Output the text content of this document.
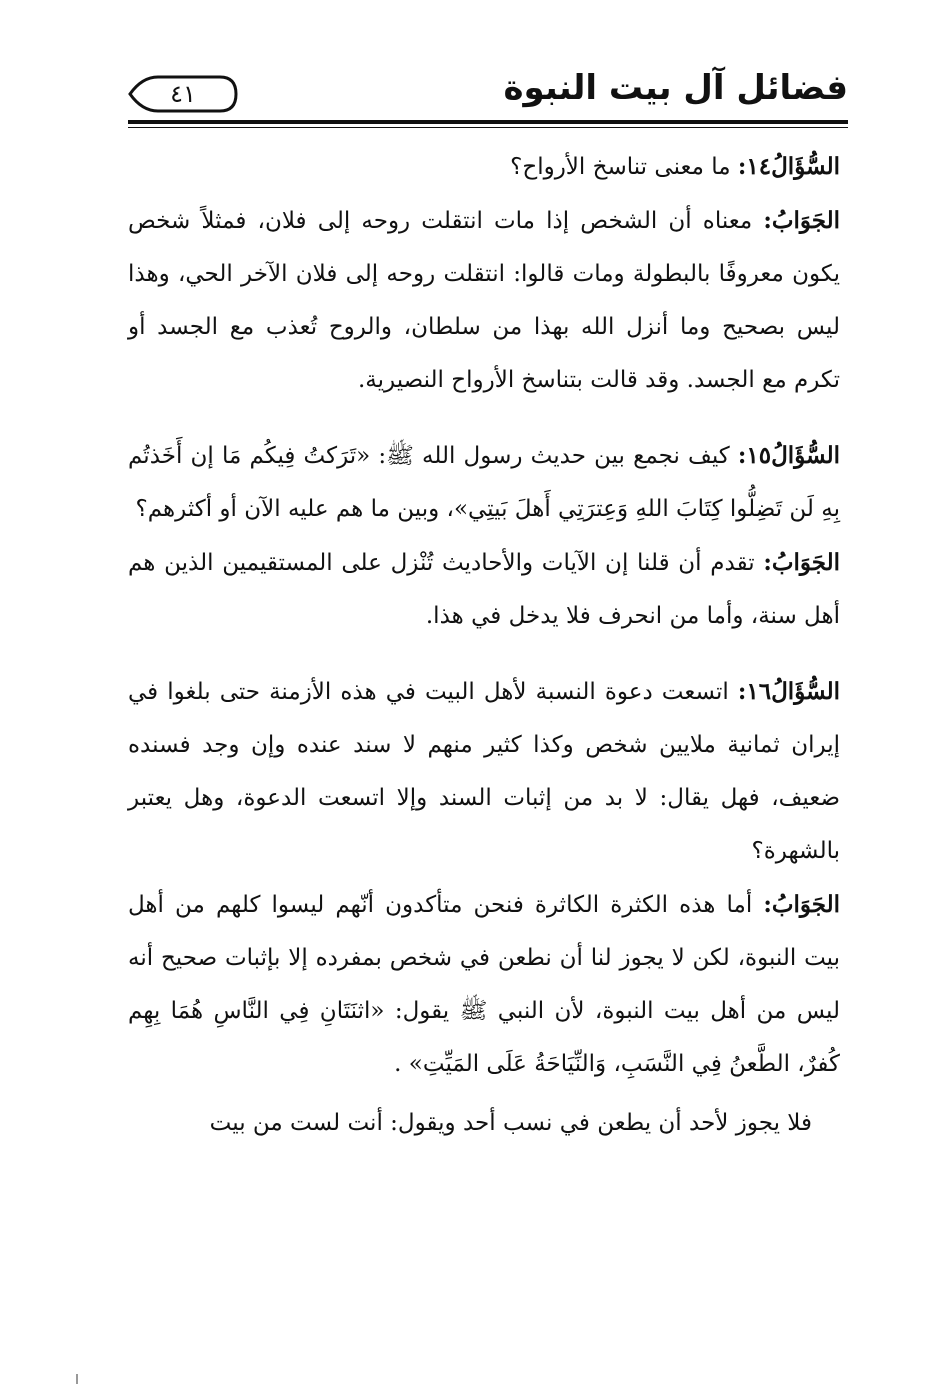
فضائل آل بيت النبوة
٤١

السُّؤَالُ١٤: ما معنى تناسخ الأرواح؟

الجَوَابُ: معناه أن الشخص إذا مات انتقلت روحه إلى فلان، فمثلاً شخص يكون معروفًا بالبطولة ومات قالوا: انتقلت روحه إلى فلان الآخر الحي، وهذا ليس بصحيح وما أنزل الله بهذا من سلطان، والروح تُعذب مع الجسد أو تكرم مع الجسد. وقد قالت بتناسخ الأرواح النصيرية.

السُّؤَالُ١٥: كيف نجمع بين حديث رسول الله ﷺ: «تَرَكتُ فِيكُم مَا إن أَخَذتُم بِهِ لَن تَضِلُّوا كِتَابَ اللهِ وَعِترَتِي أَهلَ بَيتِي»، وبين ما هم عليه الآن أو أكثرهم؟

الجَوَابُ: تقدم أن قلنا إن الآيات والأحاديث تُنْزل على المستقيمين الذين هم أهل سنة، وأما من انحرف فلا يدخل في هذا.

السُّؤَالُ١٦: اتسعت دعوة النسبة لأهل البيت في هذه الأزمنة حتى بلغوا في إيران ثمانية ملايين شخص وكذا كثير منهم لا سند عنده وإن وجد فسنده ضعيف، فهل يقال: لا بد من إثبات السند وإلا اتسعت الدعوة، وهل يعتبر بالشهرة؟

الجَوَابُ: أما هذه الكثرة الكاثرة فنحن متأكدون أنّهم ليسوا كلهم من أهل بيت النبوة، لكن لا يجوز لنا أن نطعن في شخص بمفرده إلا بإثبات صحيح أنه ليس من أهل بيت النبوة، لأن النبي ﷺ يقول: «اثنَتَانِ فِي النَّاسِ هُمَا بِهِم كُفرٌ، الطَّعنُ فِي النَّسَبِ، وَالنِّيَاحَةُ عَلَى المَيِّتِ» .

فلا يجوز لأحد أن يطعن في نسب أحد ويقول: أنت لست من بيت
